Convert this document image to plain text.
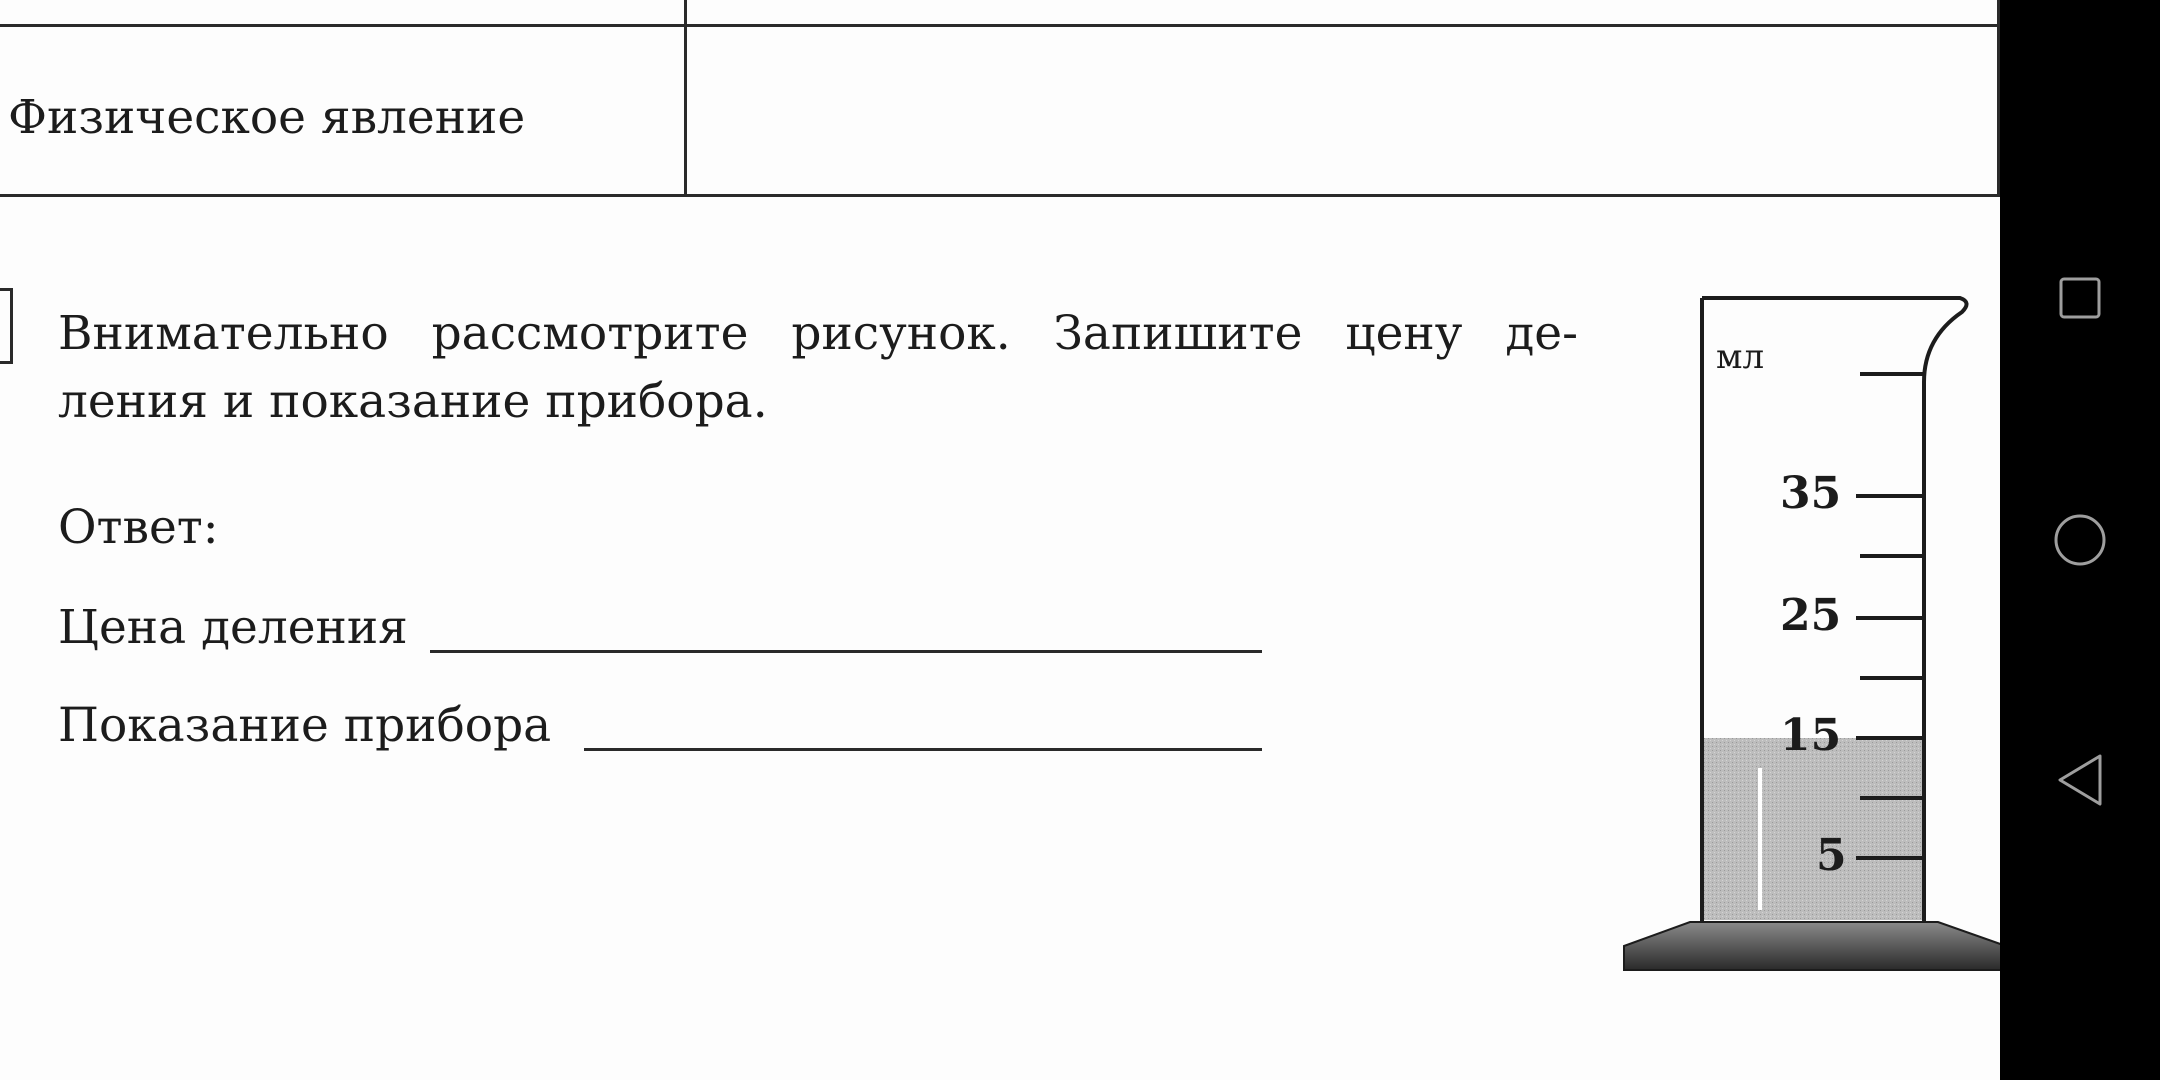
Физическое явление
Внимательно рассмотрите рисунок. Запишите цену де-
ления и показание прибора.
Ответ:
Цена деления
Показание прибора
мл
35
25
15
5
